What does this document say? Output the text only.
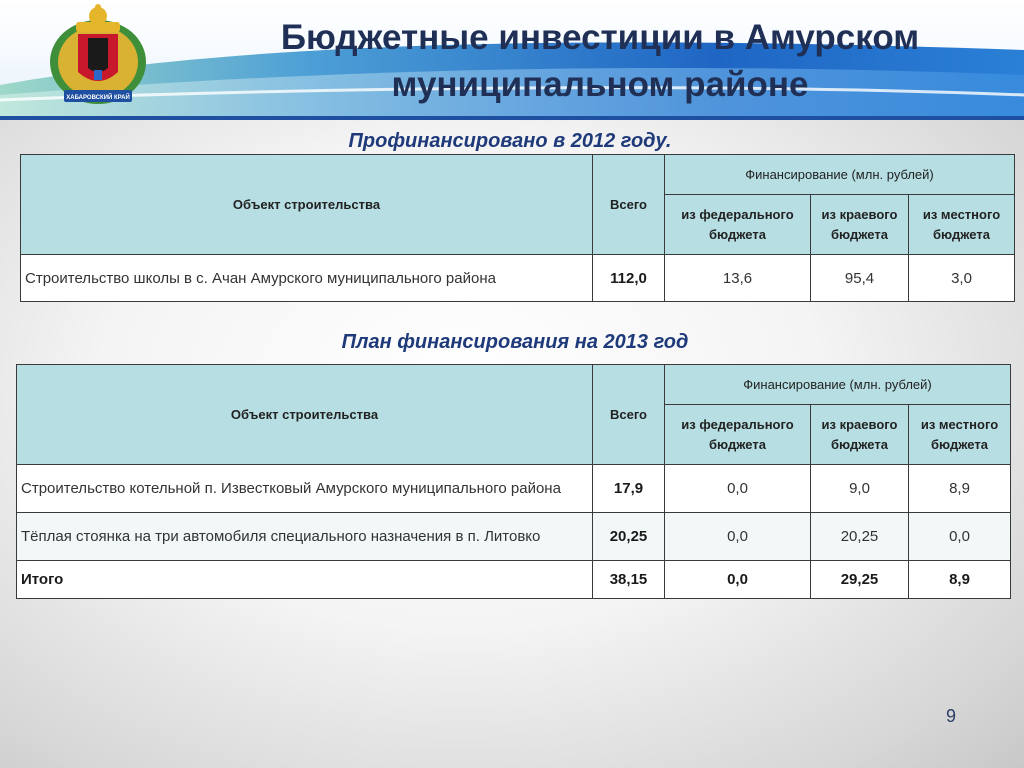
ХАБАРОВСКИЙ КРАЙ
Бюджетные инвестиции в Амурском
муниципальном районе
Профинансировано в 2012 году.
Объект строительства	Всего	Финансирование (млн. рублей)		
		из федерального бюджета	из краевого бюджета	из местного бюджета
Строительство школы в с. Ачан Амурского муниципального района	112,0	13,6	95,4	3,0
План финансирования на 2013 год
Объект строительства	Всего	Финансирование (млн. рублей)		
		из федерального бюджета	из краевого бюджета	из местного бюджета
Строительство котельной п. Известковый Амурского муниципального района	17,9	0,0	9,0	8,9
Тёплая стоянка на три автомобиля специального назначения в п. Литовко	20,25	0,0	20,25	0,0
Итого	38,15	0,0	29,25	8,9
9
